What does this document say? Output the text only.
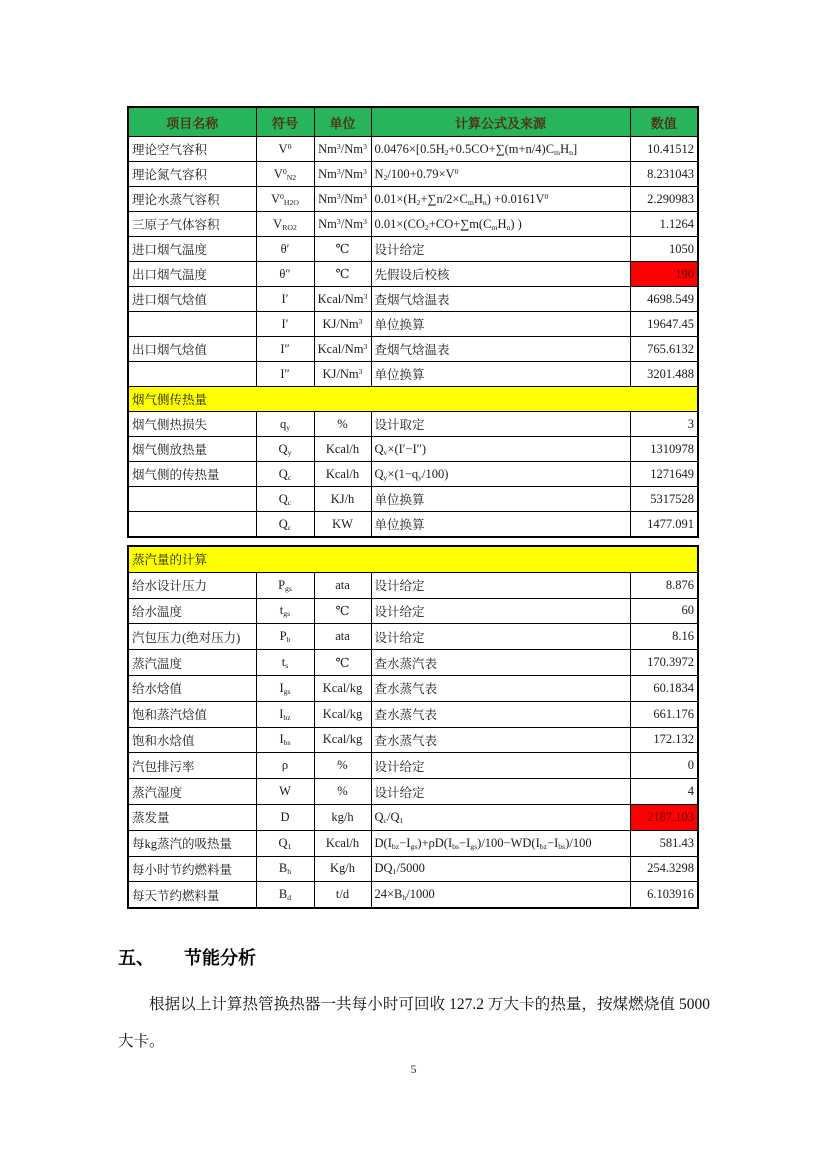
项目名称	符号	单位	计算公式及来源	数值
理论空气容积	$V^0$	Nm$^3$/Nm$^3$	$0.0476\times[0.5H_2+0.5CO+\sum(m+n/4)C_mH_n]$	10.41512
理论氮气容积	$V^0_{N2}$	Nm$^3$/Nm$^3$	$N_2/100+0.79\times V^0$	8.231043
理论水蒸气容积	$V^0_{H2O}$	Nm$^3$/Nm$^3$	$0.01\times(H_2+\sum n/2\times C_mH_n) +0.0161V^0$	2.290983
三原子气体容积	$V_{RO2}$	Nm$^3$/Nm$^3$	$0.01\times(CO_2+CO+\sum m(C_mH_n)$ )	1.1264
进口烟气温度	θ′	℃	设计给定	1050
出口烟气温度	θ″	℃	先假设后校核	190
进口烟气焓值	I′	Kcal/Nm$^3$	查烟气焓温表	4698.549
	I′	KJ/Nm$^3$	单位换算	19647.45
出口烟气焓值	I″	Kcal/Nm$^3$	查烟气焓温表	765.6132
	I″	KJ/Nm$^3$	单位换算	3201.488
烟气侧传热量				
烟气侧热损失	$q_y$	%	设计取定	3
烟气侧放热量	$Q_y$	Kcal/h	$Q_v\times(I'-I'')$	1310978
烟气侧的传热量	$Q_c$	Kcal/h	$Q_y\times(1-q_y/100)$	1271649
	$Q_c$	KJ/h	单位换算	5317528
	$Q_c$	KW	单位换算	1477.091
蒸汽量的计算				
给水设计压力	$P_{gs}$	ata	设计给定	8.876
给水温度	$t_{gs}$	℃	设计给定	60
汽包压力(绝对压力)	$P_b$	ata	设计给定	8.16
蒸汽温度	$t_s$	℃	查水蒸汽表	170.3972
给水焓值	$I_{gs}$	Kcal/kg	查水蒸气表	60.1834
饱和蒸汽焓值	$I_{bz}$	Kcal/kg	查水蒸气表	661.176
饱和水焓值	$I_{bs}$	Kcal/kg	查水蒸气表	172.132
汽包排污率	ρ	%	设计给定	0
蒸汽湿度	W	%	设计给定	4
蒸发量	D	kg/h	$Q_c/Q_1$	2187.103
每kg蒸汽的吸热量	$Q_1$	Kcal/h	$D(I_{bz}-I_{gs})+\rho D(I_{bs}-I_{gs})/100-WD(I_{bz}-I_{bs})/100$	581.43
每小时节约燃料量	$B_h$	Kg/h	$DQ_1/5000$	254.3298
每天节约燃料量	$B_d$	t/d	$24\times B_h/1000$	6.103916
五、 节能分析
根据以上计算热管换热器一共每小时可回收 127.2 万大卡的热量，按煤燃烧值 5000 大卡。
5
